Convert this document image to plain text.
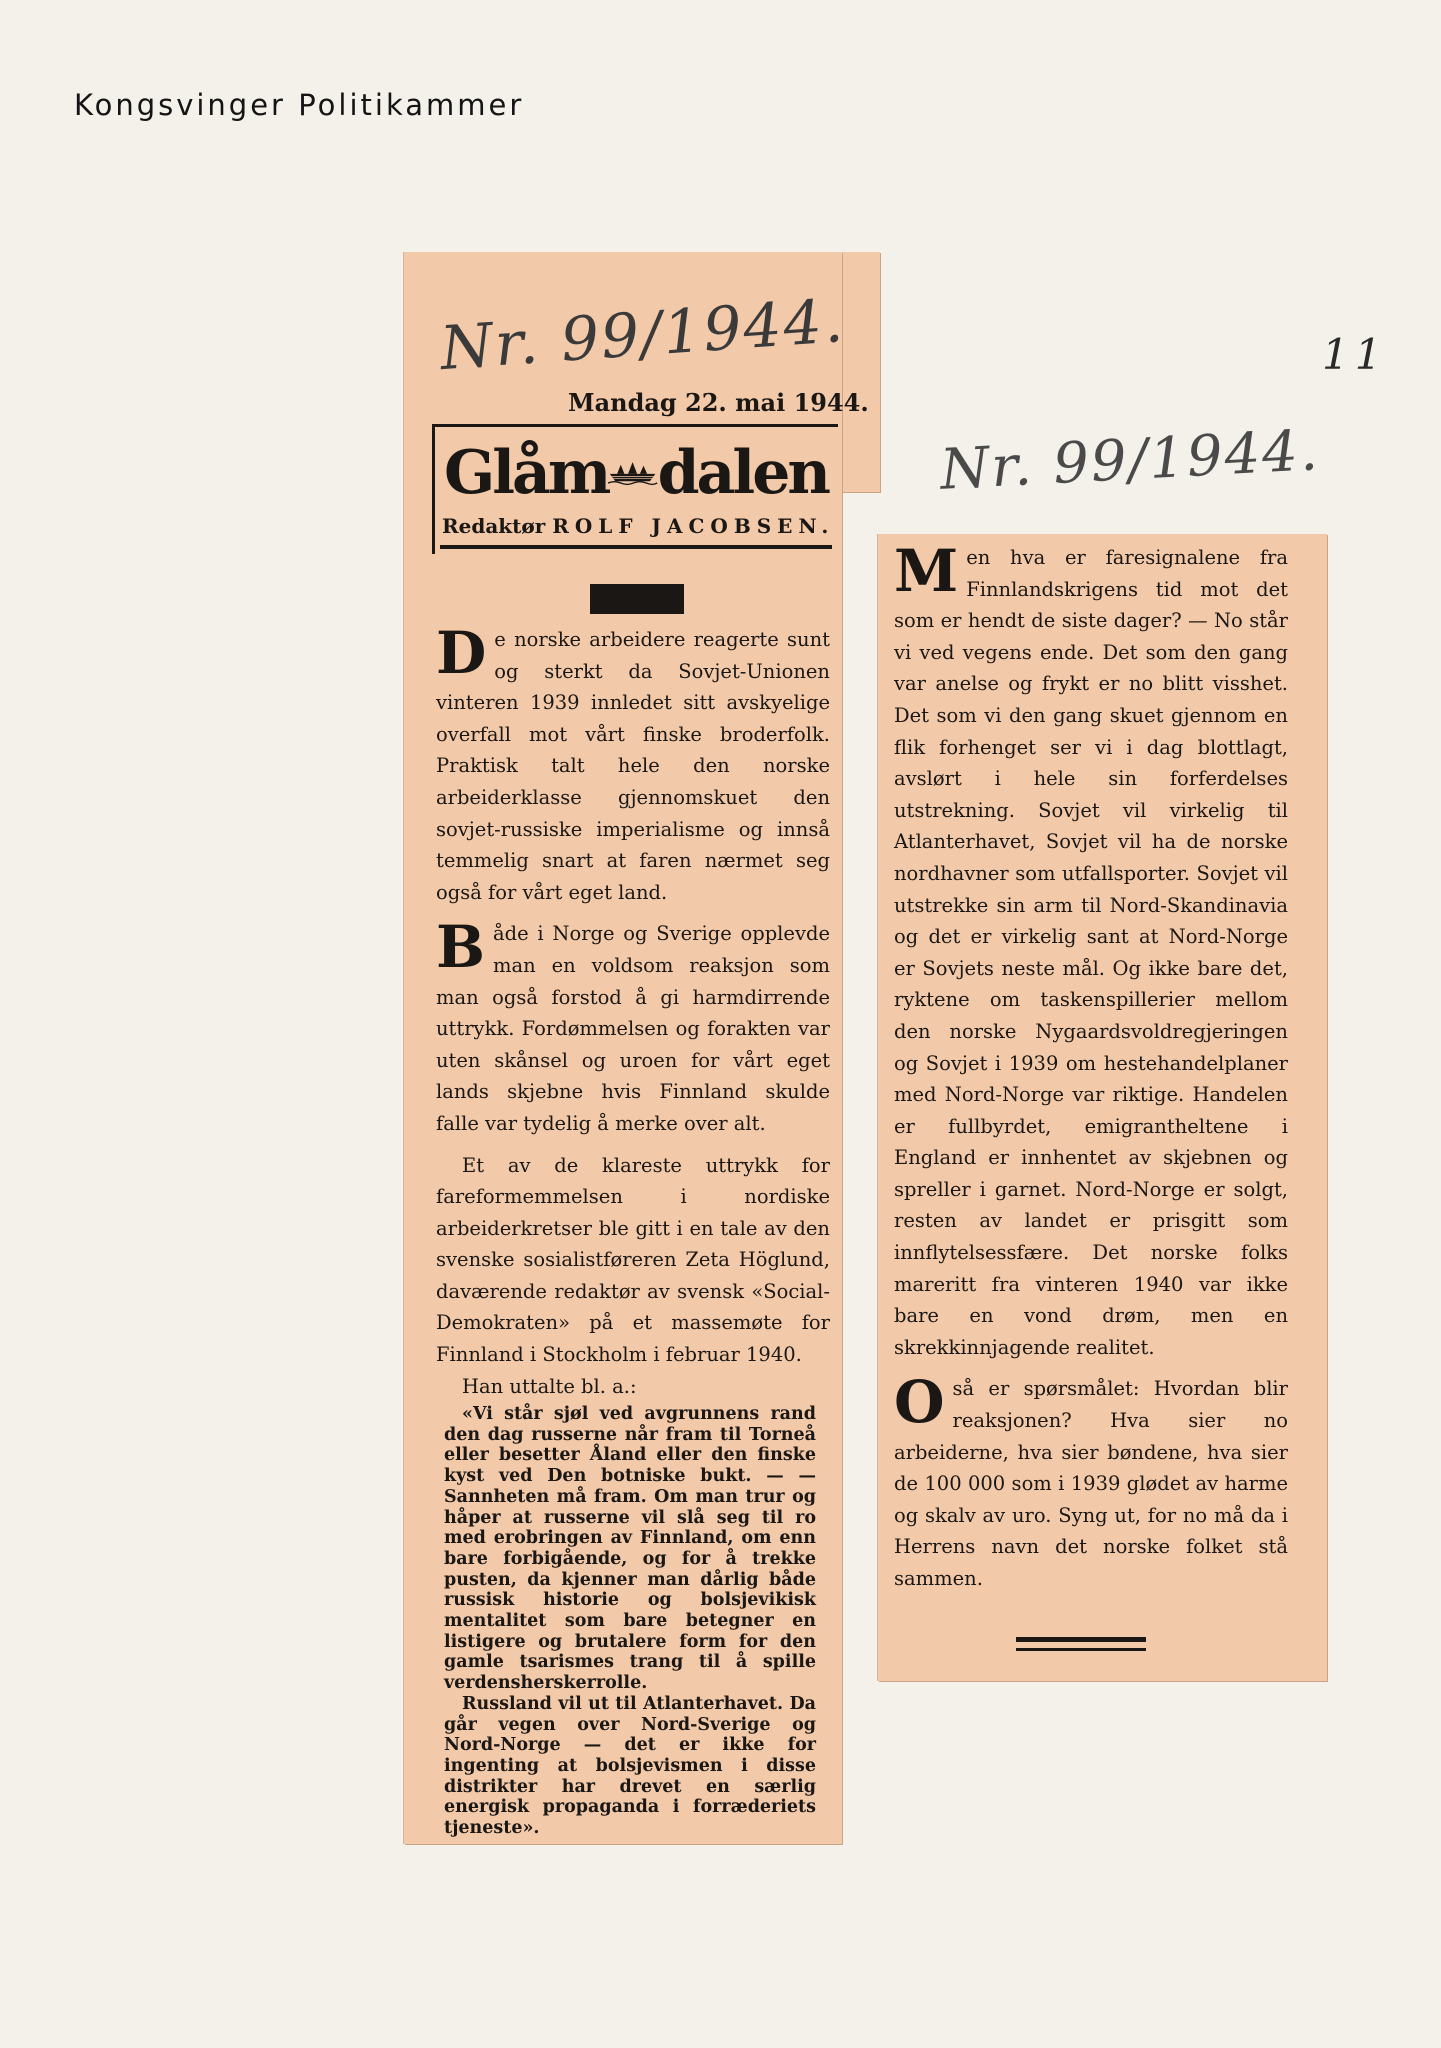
Kongsvinger Politikammer
11
Nr. 99/1944.
Mandag 22. mai 1944.
Glåm dalen
Redaktør ROLF JACOBSEN.

De norske arbeidere reagerte sunt og sterkt da Sovjet-Unionen vinteren 1939 innledet sitt avskyelige overfall mot vårt finske broderfolk. Praktisk talt hele den norske arbeiderklasse gjennomskuet den sovjet-russiske imperialisme og innså temmelig snart at faren nærmet seg også for vårt eget land.

Både i Norge og Sverige opplevde man en voldsom reaksjon som man også forstod å gi harmdirrende uttrykk. Fordømmelsen og forakten var uten skånsel og uroen for vårt eget lands skjebne hvis Finnland skulde falle var tydelig å merke over alt.

Et av de klareste uttrykk for fareformemmelsen i nordiske arbeiderkretser ble gitt i en tale av den svenske sosialistføreren Zeta Höglund, daværende redaktør av svensk «Social-Demokraten» på et massemøte for Finnland i Stockholm i februar 1940.

Han uttalte bl. a.:

«Vi står sjøl ved avgrunnens rand den dag russerne når fram til Torneå eller besetter Åland eller den finske kyst ved Den botniske bukt. — — Sannheten må fram. Om man trur og håper at russerne vil slå seg til ro med erobringen av Finnland, om enn bare forbigående, og for å trekke pusten, da kjenner man dårlig både russisk historie og bolsjevikisk mentalitet som bare betegner en listigere og brutalere form for den gamle tsarismes trang til å spille verdensherskerrolle.

Russland vil ut til Atlanterhavet. Da går vegen over Nord-Sverige og Nord-Norge — det er ikke for ingenting at bolsjevismen i disse distrikter har drevet en særlig energisk propaganda i forræderiets tjeneste».

Nr. 99/1944.

Men hva er faresignalene fra Finnlandskrigens tid mot det som er hendt de siste dager? — No står vi ved vegens ende. Det som den gang var anelse og frykt er no blitt visshet. Det som vi den gang skuet gjennom en flik forhenget ser vi i dag blottlagt, avslørt i hele sin forferdelses utstrekning. Sovjet vil virkelig til Atlanterhavet, Sovjet vil ha de norske nordhavner som utfallsporter. Sovjet vil utstrekke sin arm til Nord-Skandinavia og det er virkelig sant at Nord-Norge er Sovjets neste mål. Og ikke bare det, ryktene om taskenspillerier mellom den norske Nygaardsvoldregjeringen og Sovjet i 1939 om hestehandelplaner med Nord-Norge var riktige. Handelen er fullbyrdet, emigrantheltene i England er innhentet av skjebnen og spreller i garnet. Nord-Norge er solgt, resten av landet er prisgitt som innflytelsessfære. Det norske folks mareritt fra vinteren 1940 var ikke bare en vond drøm, men en skrekkinnjagende realitet.

Oså er spørsmålet: Hvordan blir reaksjonen? Hva sier no arbeiderne, hva sier bøndene, hva sier de 100 000 som i 1939 glødet av harme og skalv av uro. Syng ut, for no må da i Herrens navn det norske folket stå sammen.
